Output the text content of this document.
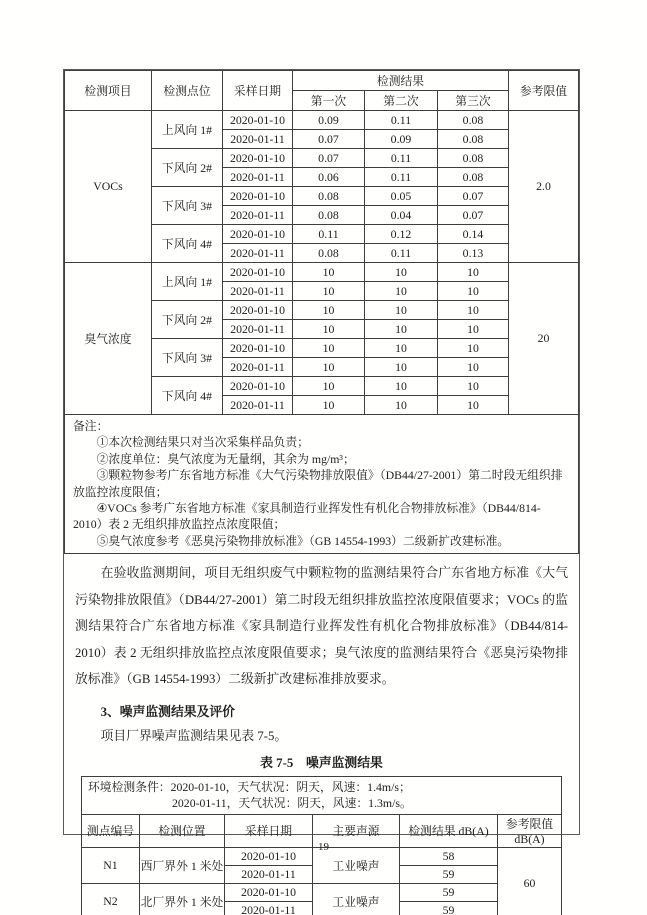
检测项目	检测点位	采样日期	检测结果			参考限值
			第一次	第二次	第三次	
VOCs	上风向 1#	2020-01-10	0.09	0.11	0.08	2.0
		2020-01-11	0.07	0.09	0.08	
	下风向 2#	2020-01-10	0.07	0.11	0.08	
		2020-01-11	0.06	0.11	0.08	
	下风向 3#	2020-01-10	0.08	0.05	0.07	
		2020-01-11	0.08	0.04	0.07	
	下风向 4#	2020-01-10	0.11	0.12	0.14	
		2020-01-11	0.08	0.11	0.13	
臭气浓度	上风向 1#	2020-01-10	10	10	10	20
		2020-01-11	10	10	10	
	下风向 2#	2020-01-10	10	10	10	
		2020-01-11	10	10	10	
	下风向 3#	2020-01-10	10	10	10	
		2020-01-11	10	10	10	
	下风向 4#	2020-01-10	10	10	10	
		2020-01-11	10	10	10	

备注：
①本次检测结果只对当次采集样品负责；
②浓度单位：臭气浓度为无量纲，其余为 mg/m³；
③颗粒物参考广东省地方标准《大气污染物排放限值》（DB44/27-2001）第二时段无组织排放监控浓度限值；
④VOCs 参考广东省地方标准《家具制造行业挥发性有机化合物排放标准》（DB44/814-2010）表 2 无组织排放监控点浓度限值；
⑤臭气浓度参考《恶臭污染物排放标准》（GB 14554-1993）二级新扩改建标准。

在验收监测期间，项目无组织废气中颗粒物的监测结果符合广东省地方标准《大气污染物排放限值》（DB44/27-2001）第二时段无组织排放监控浓度限值要求；VOCs 的监测结果符合广东省地方标准《家具制造行业挥发性有机化合物排放标准》（DB44/814-2010）表 2 无组织排放监控点浓度限值要求；臭气浓度的监测结果符合《恶臭污染物排放标准》（GB 14554-1993）二级新扩改建标准排放要求。

3、噪声监测结果及评价

项目厂界噪声监测结果见表 7-5。

表 7-5　噪声监测结果

环境检测条件：2020-01-10，天气状况：阴天，风速：1.4m/s；
2020-01-11，天气状况：阴天，风速：1.3m/s。					

测点编号	检测位置	采样日期	主要声源	检测结果 dB(A)	参考限值 dB(A)
N1	西厂界外 1 米处	2020-01-10	工业噪声	58	60
		2020-01-11		59	
N2	北厂界外 1 米处	2020-01-10	工业噪声	59	
		2020-01-11		59	
19
